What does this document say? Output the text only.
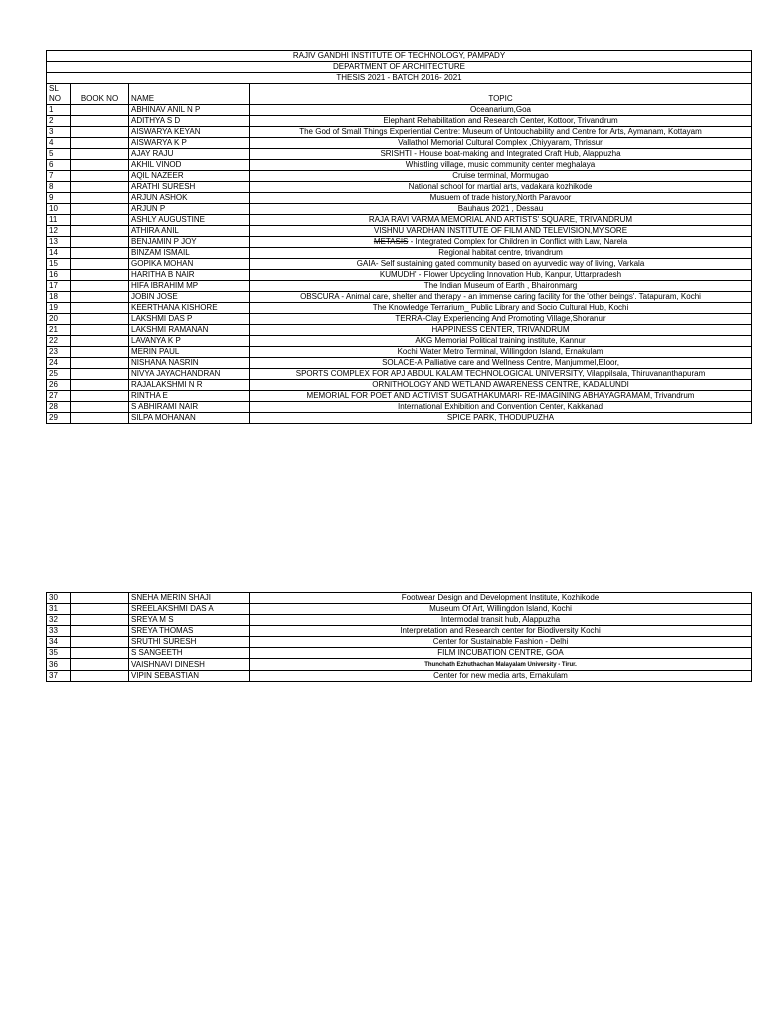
RAJIV GANDHI INSTITUTE OF TECHNOLOGY, PAMPADY			
DEPARTMENT OF ARCHITECTURE			
THESIS 2021 - BATCH 2016- 2021			

SL
NO	BOOK NO	NAME	TOPIC
1		ABHINAV ANIL N P	Oceanarium,Goa
2		ADITHYA S D	Elephant Rehabilitation and Research Center, Kottoor, Trivandrum
3		AISWARYA KEYAN	The God of Small Things Experiential Centre: Museum of Untouchability and Centre for Arts, Aymanam, Kottayam
4		AISWARYA K P	Vallathol Memorial Cultural Complex ,Chiyyaram, Thrissur
5		AJAY RAJU	SRISHTI - House boat-making and Integrated Craft Hub, Alappuzha
6		AKHIL VINOD	Whistling village, music community center meghalaya
7		AQIL NAZEER	Cruise terminal, Mormugao
8		ARATHI SURESH	National school for martial arts, vadakara kozhikode
9		ARJUN ASHOK	Musuem of trade history,North Paravoor
10		ARJUN P	Bauhaus 2021 , Dessau
11		ASHLY AUGUSTINE	RAJA RAVI VARMA MEMORIAL AND ARTISTS' SQUARE, TRIVANDRUM
12		ATHIRA ANIL	VISHNU VARDHAN INSTITUTE OF FILM AND TELEVISION,MYSORE
13		BENJAMIN P JOY	METASIS - Integrated Complex for Children in Conflict with Law, Narela
14		BINZAM ISMAIL	Regional habitat centre, trivandrum
15		GOPIKA MOHAN	GAIA- Self sustaining gated community based on ayurvedic way of living, Varkala
16		HARITHA B NAIR	KUMUDH' - Flower Upcycling Innovation Hub, Kanpur, Uttarpradesh
17		HIFA IBRAHIM MP	The Indian Museum of Earth , Bhaironmarg
18		JOBIN JOSE	OBSCURA - Animal care, shelter and therapy - an immense caring facility for the 'other beings'. Tatapuram, Kochi
19		KEERTHANA KISHORE	The Knowledge Terrarium_ Public Library and Socio Cultural Hub, Kochi
20		LAKSHMI DAS P	TERRA-Clay Experiencing And Promoting Village,Shoranur
21		LAKSHMI RAMANAN	HAPPINESS CENTER, TRIVANDRUM
22		LAVANYA K P	AKG Memorial Political training institute, Kannur
23		MERIN PAUL	Kochi Water Metro Terminal, Willingdon Island, Ernakulam
24		NISHANA NASRIN	SOLACE-A Palliative care and Wellness Centre, Manjummel,Eloor,
25		NIVYA JAYACHANDRAN	SPORTS COMPLEX FOR APJ ABDUL KALAM TECHNOLOGICAL UNIVERSITY, Vilappilsala, Thiruvananthapuram
26		RAJALAKSHMI N R	ORNITHOLOGY AND WETLAND AWARENESS CENTRE, KADALUNDI
27		RINTHA E	MEMORIAL FOR POET AND ACTIVIST SUGATHAKUMARI- RE-IMAGINING ABHAYAGRAMAM, Trivandrum
28		S ABHIRAMI NAIR	International Exhibition and Convention Center, Kakkanad
29		SILPA MOHANAN	SPICE PARK, THODUPUZHA
30		SNEHA MERIN SHAJI	Footwear Design and Development Institute, Kozhikode
31		SREELAKSHMI DAS A	Museum Of Art, Willingdon Island, Kochi
32		SREYA M S	Intermodal transit hub, Alappuzha
33		SREYA THOMAS	Interpretation and Research center for Biodiversity Kochi
34		SRUTHI SURESH	Center for Sustainable Fashion - Delhi
35		S SANGEETH	FILM INCUBATION CENTRE, GOA
36		VAISHNAVI DINESH	Thunchath Ezhuthachan Malayalam University - Tirur.
37		VIPIN SEBASTIAN	Center for new media arts, Ernakulam
